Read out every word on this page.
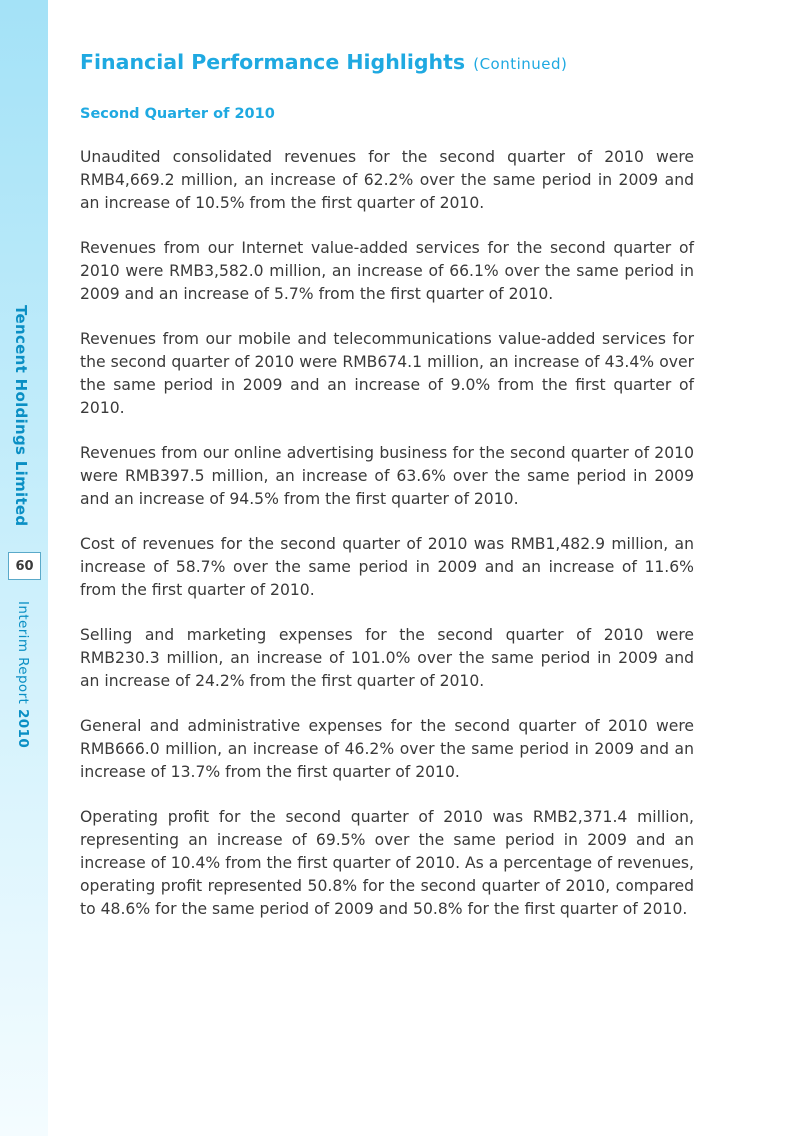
Tencent Holdings Limited
60
Interim Report 2010
Financial Performance Highlights (Continued)
Second Quarter of 2010

Unaudited consolidated revenues for the second quarter of 2010 were RMB4,669.2 million, an increase of 62.2% over the same period in 2009 and an increase of 10.5% from the first quarter of 2010.

Revenues from our Internet value-added services for the second quarter of 2010 were RMB3,582.0 million, an increase of 66.1% over the same period in 2009 and an increase of 5.7% from the first quarter of 2010.

Revenues from our mobile and telecommunications value-added services for the second quarter of 2010 were RMB674.1 million, an increase of 43.4% over the same period in 2009 and an increase of 9.0% from the first quarter of 2010.

Revenues from our online advertising business for the second quarter of 2010 were RMB397.5 million, an increase of 63.6% over the same period in 2009 and an increase of 94.5% from the first quarter of 2010.

Cost of revenues for the second quarter of 2010 was RMB1,482.9 million, an increase of 58.7% over the same period in 2009 and an increase of 11.6% from the first quarter of 2010.

Selling and marketing expenses for the second quarter of 2010 were RMB230.3 million, an increase of 101.0% over the same period in 2009 and an increase of 24.2% from the first quarter of 2010.

General and administrative expenses for the second quarter of 2010 were RMB666.0 million, an increase of 46.2% over the same period in 2009 and an increase of 13.7% from the first quarter of 2010.

Operating profit for the second quarter of 2010 was RMB2,371.4 million, representing an increase of 69.5% over the same period in 2009 and an increase of 10.4% from the first quarter of 2010. As a percentage of revenues, operating profit represented 50.8% for the second quarter of 2010, compared to 48.6% for the same period of 2009 and 50.8% for the first quarter of 2010.
